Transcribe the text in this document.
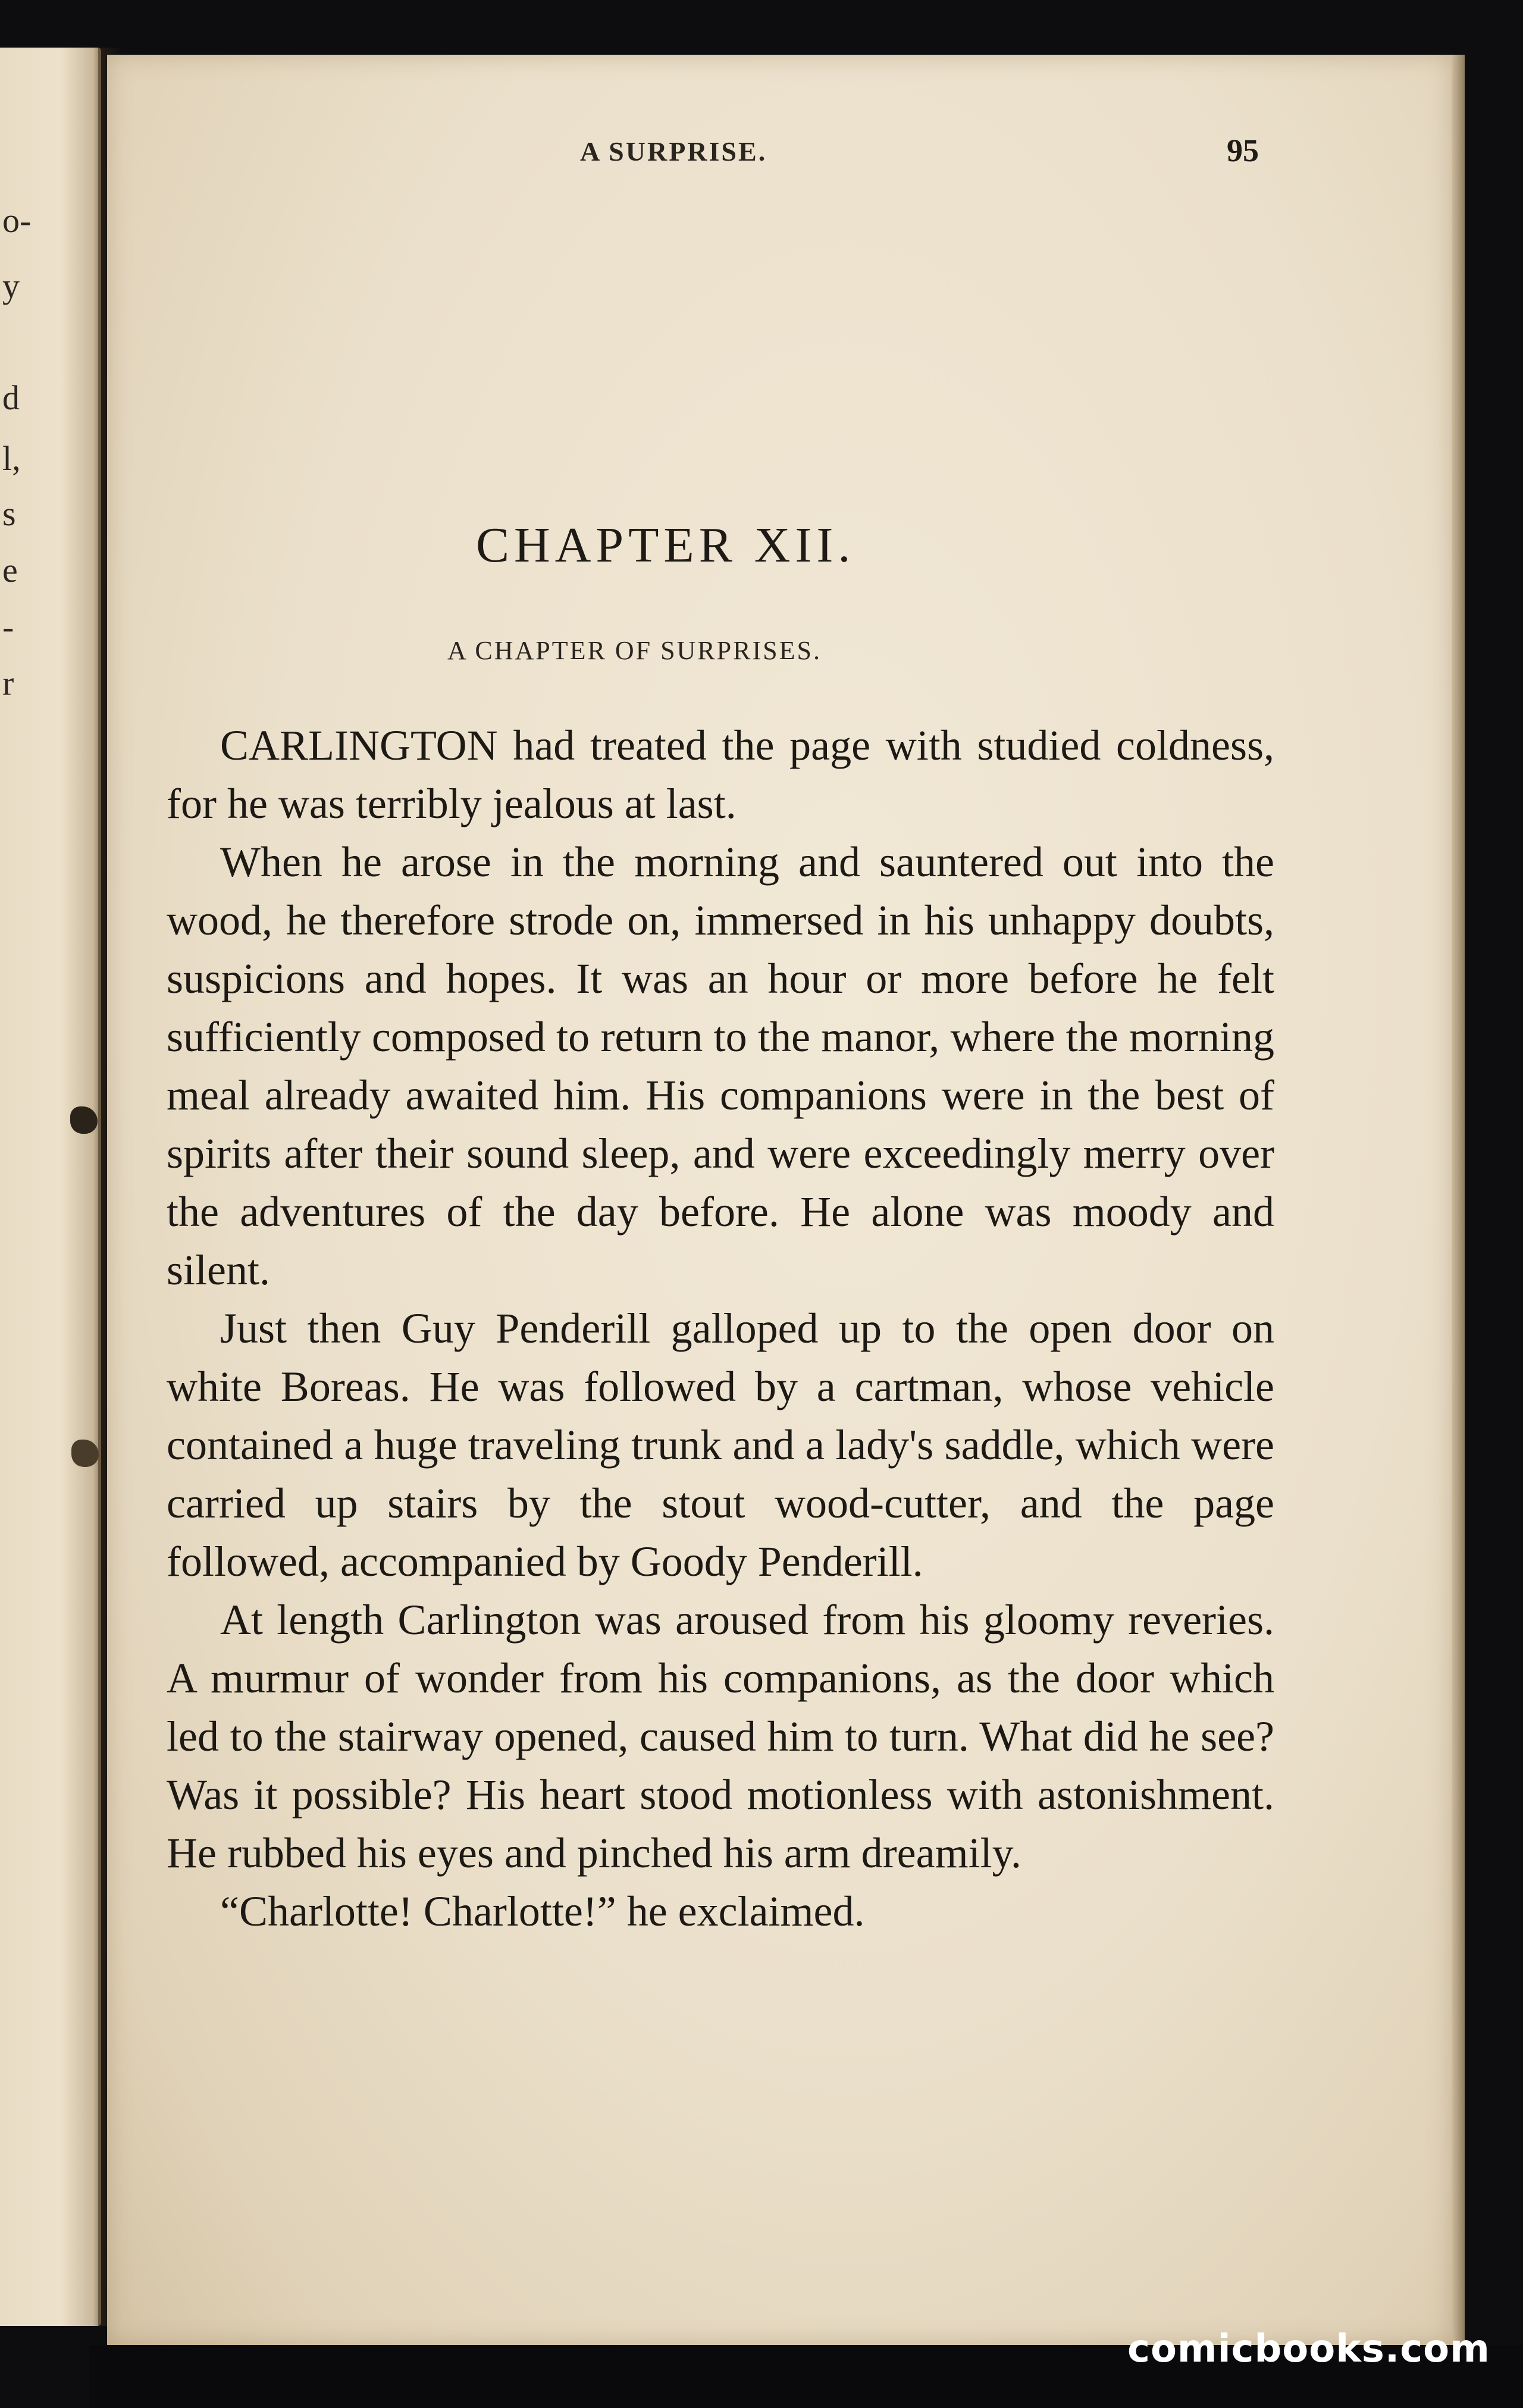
o-
y
d
l,
s
e
-
r
A SURPRISE.	95
CHAPTER XII.
A CHAPTER OF SURPRISES.

CARLINGTON had treated the page with studied coldness, for he was terribly jealous at last.

When he arose in the morning and sauntered out into the wood, he therefore strode on, immersed in his unhappy doubts, suspicions and hopes. It was an hour or more before he felt sufficiently composed to return to the manor, where the morning meal already awaited him. His companions were in the best of spirits after their sound sleep, and were exceedingly merry over the adventures of the day before. He alone was moody and silent.

Just then Guy Penderill galloped up to the open door on white Boreas. He was followed by a cartman, whose vehicle contained a huge traveling trunk and a lady's saddle, which were carried up stairs by the stout wood-cutter, and the page followed, accompanied by Goody Penderill.

At length Carlington was aroused from his gloomy reveries. A murmur of wonder from his companions, as the door which led to the stairway opened, caused him to turn. What did he see? Was it possible? His heart stood motionless with astonishment. He rubbed his eyes and pinched his arm dreamily.

“Charlotte! Charlotte!” he exclaimed.

comicbooks.com
